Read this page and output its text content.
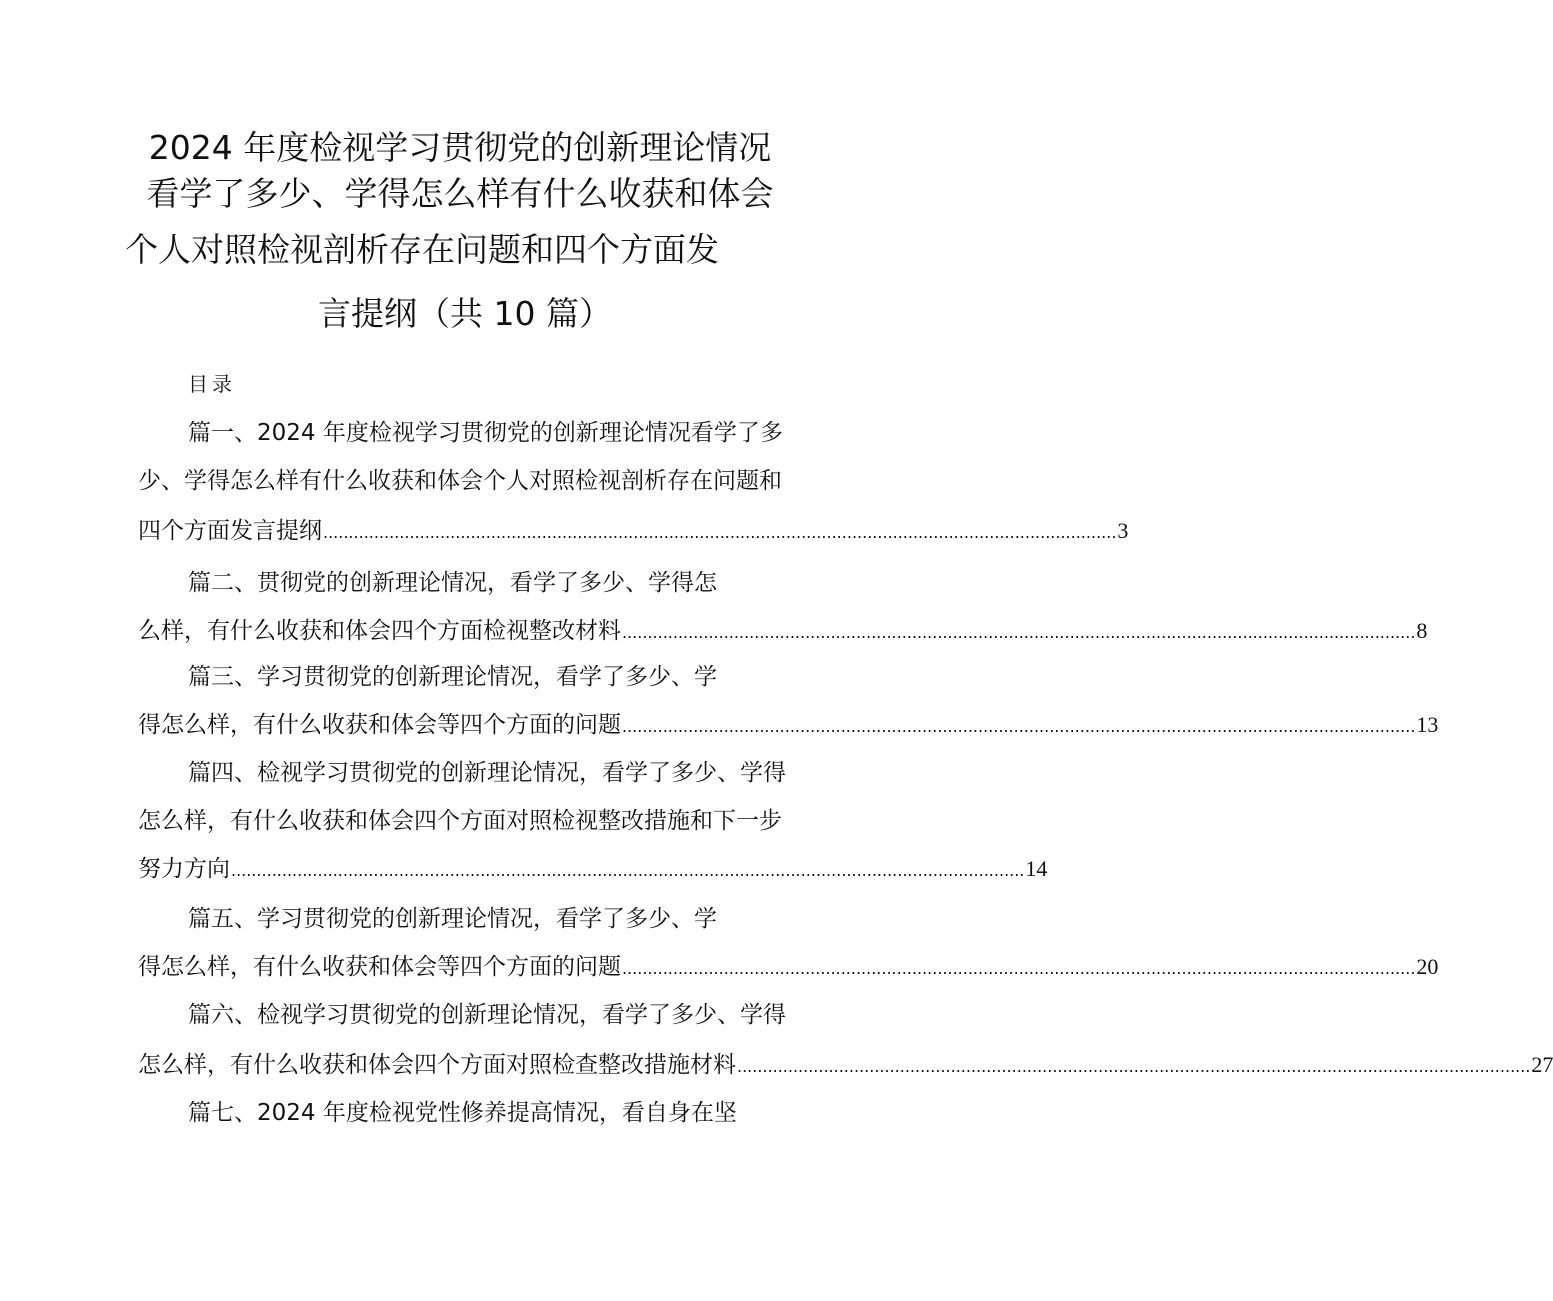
2024 年度检视学习贯彻党的创新理论情况
看学了多少、学得怎么样有什么收获和体会
个人对照检视剖析存在问题和四个方面发
言提纲（共 10 篇）
目录
篇一、2024 年度检视学习贯彻党的创新理论情况看学了多
少、学得怎么样有什么收获和体会个人对照检视剖析存在问题和
四个方面发言提纲 ............................................................................................................................................................ 3
篇二、贯彻党的创新理论情况，看学了多少、学得怎
么样，有什么收获和体会四个方面检视整改材料 ............................................................................................................................................................ 8
篇三、学习贯彻党的创新理论情况，看学了多少、学
得怎么样，有什么收获和体会等四个方面的问题 ............................................................................................................................................................ 13
篇四、检视学习贯彻党的创新理论情况，看学了多少、学得
怎么样，有什么收获和体会四个方面对照检视整改措施和下一步
努力方向 ............................................................................................................................................................ 14
篇五、学习贯彻党的创新理论情况，看学了多少、学
得怎么样，有什么收获和体会等四个方面的问题 ............................................................................................................................................................ 20
篇六、检视学习贯彻党的创新理论情况，看学了多少、学得
怎么样，有什么收获和体会四个方面对照检查整改措施材料 ............................................................................................................................................................ 27
篇七、2024 年度检视党性修养提高情况，看自身在坚
